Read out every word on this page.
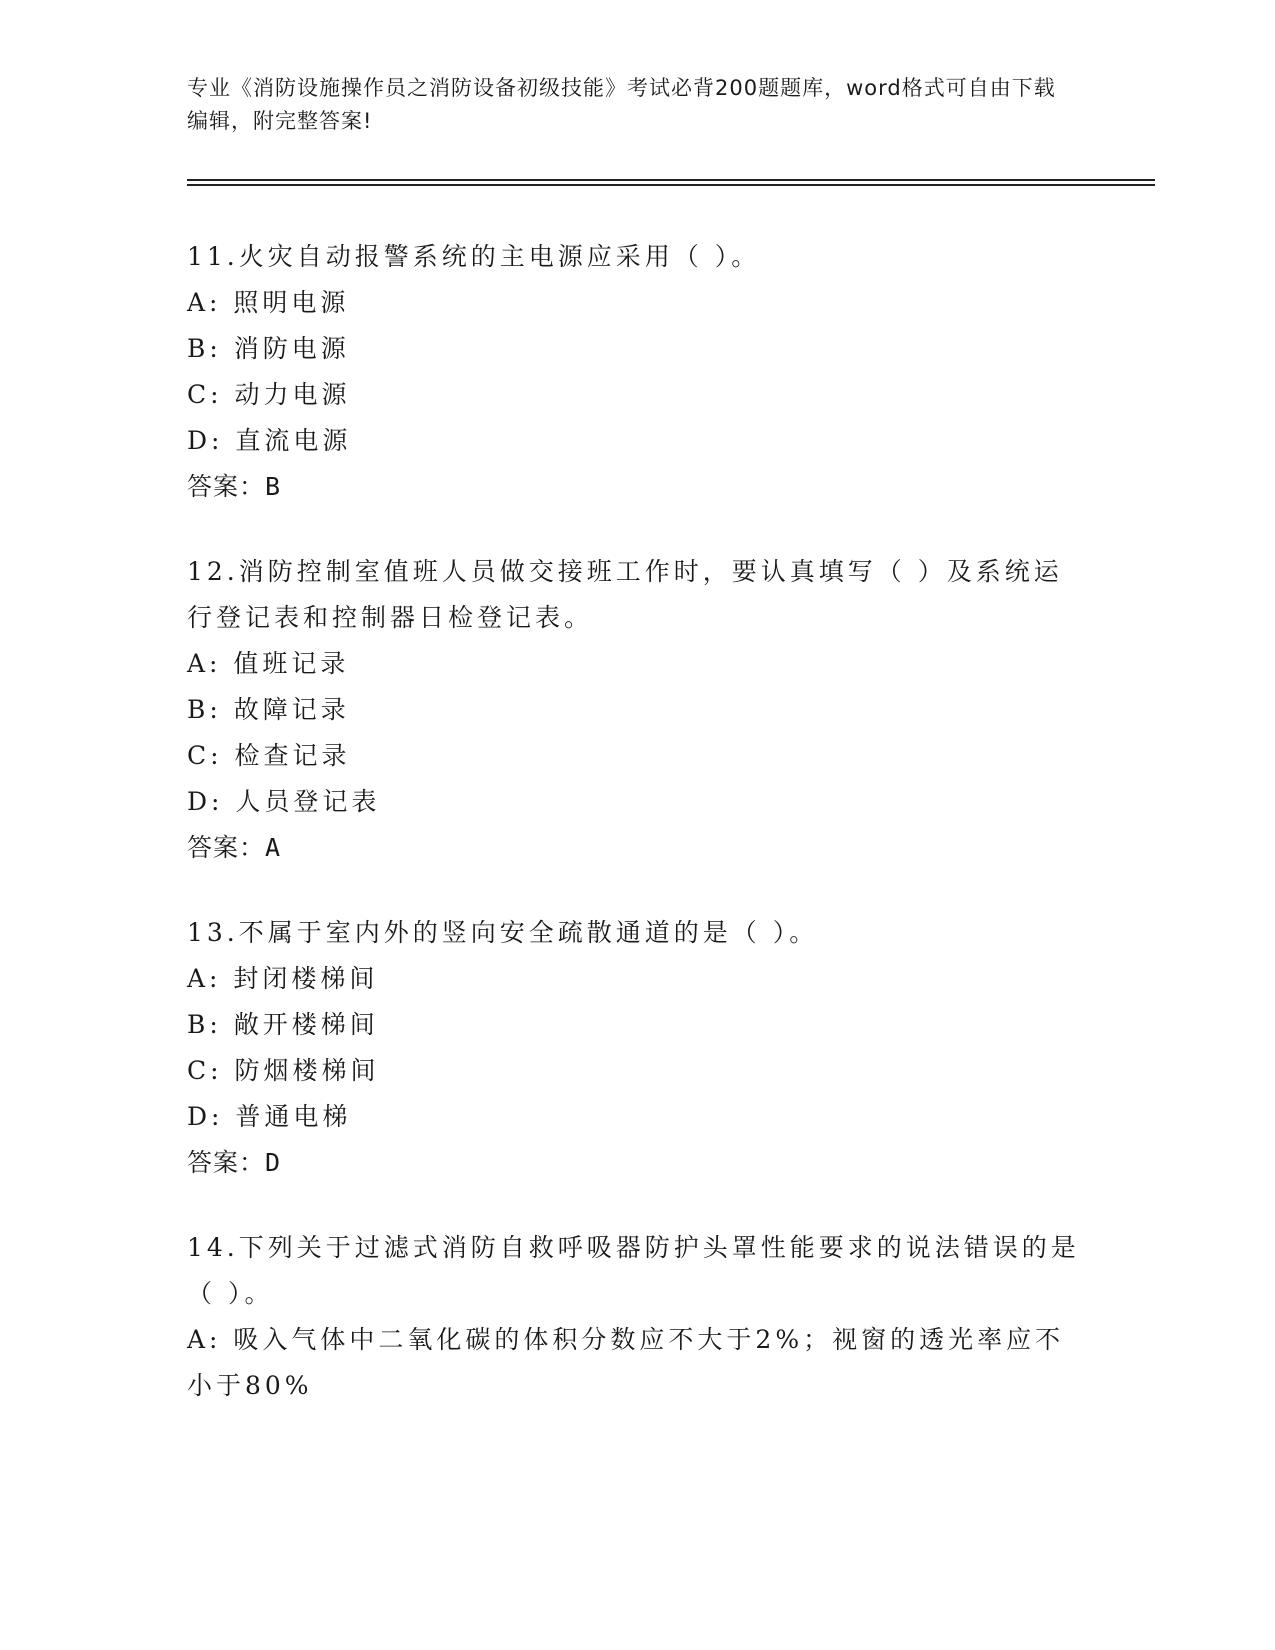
专业《消防设施操作员之消防设备初级技能》考试必背200题题库，word格式可自由下载编辑，附完整答案!
11.火灾自动报警系统的主电源应采用（ ）。
A: 照明电源
B: 消防电源
C: 动力电源
D: 直流电源
答案：B
12.消防控制室值班人员做交接班工作时，要认真填写（ ）及系统运行登记表和控制器日检登记表。
A: 值班记录
B: 故障记录
C: 检查记录
D: 人员登记表
答案：A
13.不属于室内外的竖向安全疏散通道的是（ ）。
A: 封闭楼梯间
B: 敞开楼梯间
C: 防烟楼梯间
D: 普通电梯
答案：D
14.下列关于过滤式消防自救呼吸器防护头罩性能要求的说法错误的是（ ）。
A: 吸入气体中二氧化碳的体积分数应不大于2%；视窗的透光率应不小于80%
